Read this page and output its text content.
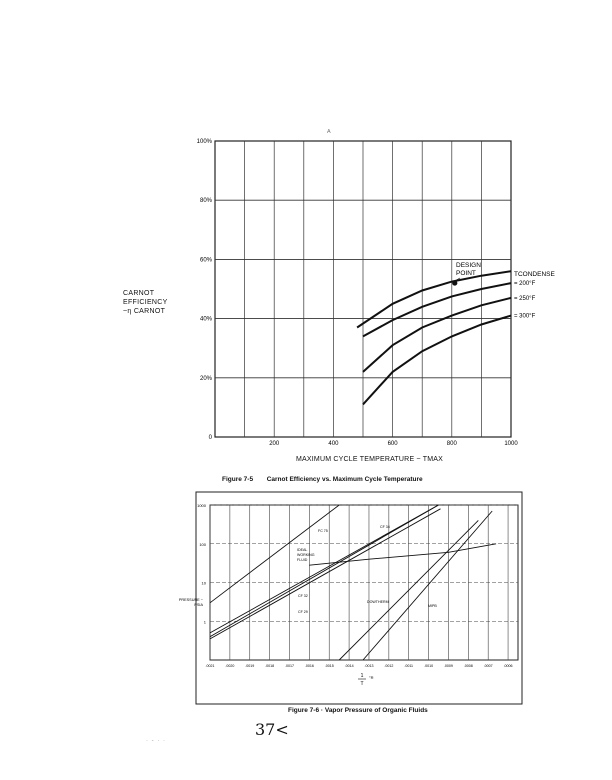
= 200°F
= 250°F
= 300°F
0
20%
40%
60%
80%
100%
200	400	600	800	1000
DESIGN
POINT	TCONDENSE
1000
100
10
1
.0021	.0020	.0019	.0018	.0017	.0016	.0015	.0014	.0013	.0012	.0011	.0010	.0009	.0008	.0007	.0006
PRESSURE ~
PSIA
1
T
°R
FC 75
CF 34
IDEAL
WORKING
FLUID
CF 32
CF 29
DOWTHERM
MIPB
ᴬ
CARNOT
EFFICIENCY
~η CARNOT
MAXIMUM CYCLE TEMPERATURE ~ TMAX
Figure 7-5 Carnot Efficiency vs. Maximum Cycle Temperature
Figure 7-6 · Vapor Pressure of Organic Fluids
37<
· - · ·
